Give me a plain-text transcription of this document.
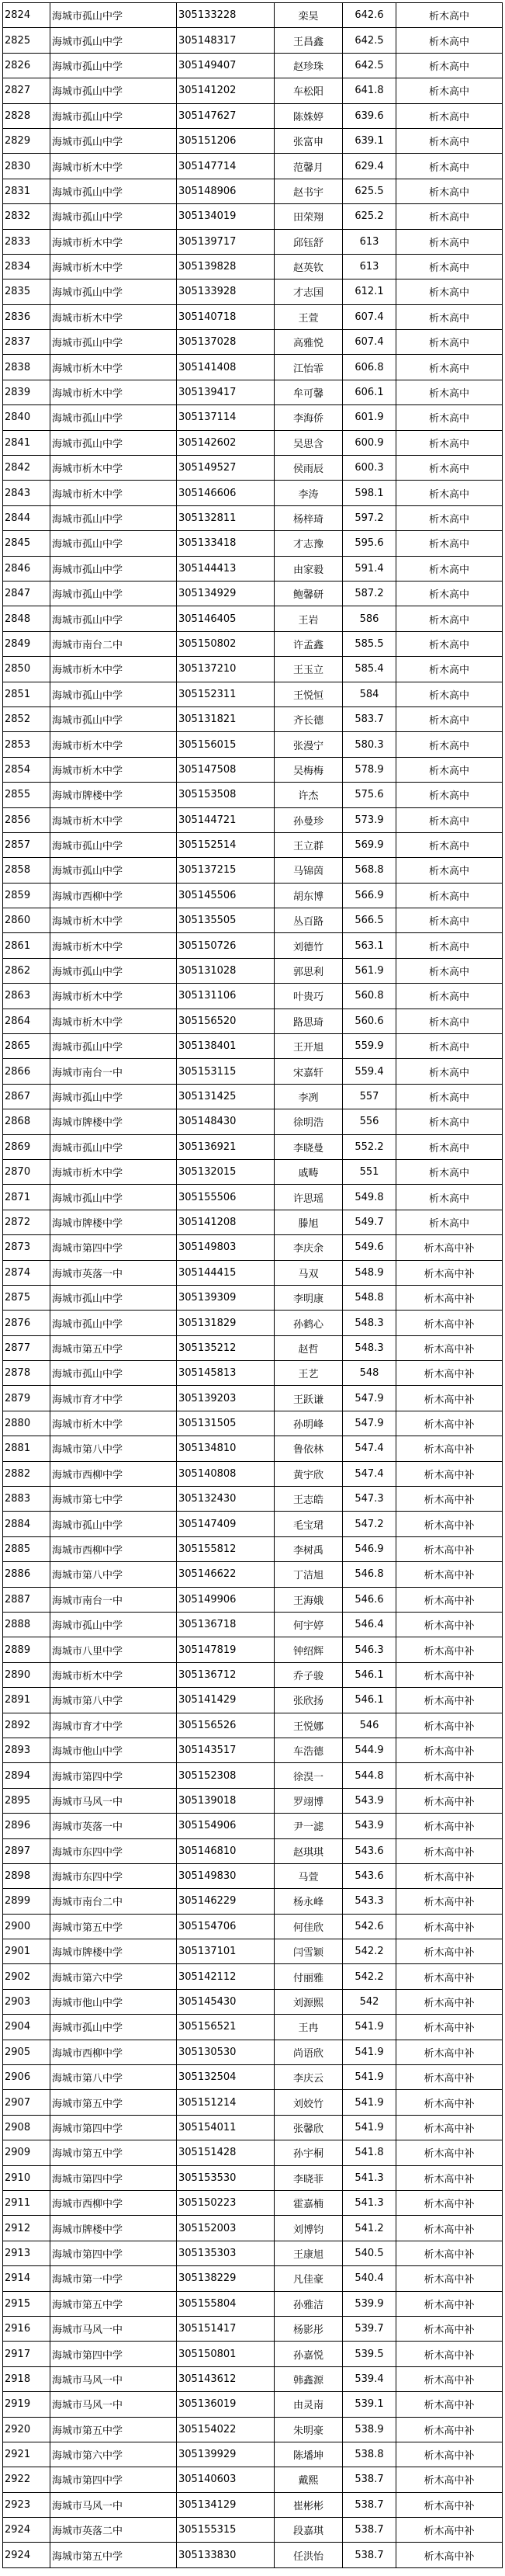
2824	海城市孤山中学	305133228	栾昊	642.6	析木高中
2825	海城市孤山中学	305148317	王昌鑫	642.5	析木高中
2826	海城市孤山中学	305149407	赵珍珠	642.5	析木高中
2827	海城市孤山中学	305141202	车松阳	641.8	析木高中
2828	海城市孤山中学	305147627	陈姝婷	639.6	析木高中
2829	海城市孤山中学	305151206	张富申	639.1	析木高中
2830	海城市析木中学	305147714	范馨月	629.4	析木高中
2831	海城市孤山中学	305148906	赵书宇	625.5	析木高中
2832	海城市孤山中学	305134019	田荣翔	625.2	析木高中
2833	海城市析木中学	305139717	邱钰舒	613	析木高中
2834	海城市析木中学	305139828	赵英钦	613	析木高中
2835	海城市孤山中学	305133928	才志国	612.1	析木高中
2836	海城市析木中学	305140718	王萱	607.4	析木高中
2837	海城市孤山中学	305137028	高雅悦	607.4	析木高中
2838	海城市析木中学	305141408	江怡霏	606.8	析木高中
2839	海城市析木中学	305139417	牟可馨	606.1	析木高中
2840	海城市孤山中学	305137114	李海侨	601.9	析木高中
2841	海城市孤山中学	305142602	吴思含	600.9	析木高中
2842	海城市析木中学	305149527	侯雨辰	600.3	析木高中
2843	海城市析木中学	305146606	李涛	598.1	析木高中
2844	海城市孤山中学	305132811	杨梓琦	597.2	析木高中
2845	海城市孤山中学	305133418	才志豫	595.6	析木高中
2846	海城市孤山中学	305144413	由家毅	591.4	析木高中
2847	海城市孤山中学	305134929	鲍馨研	587.2	析木高中
2848	海城市孤山中学	305146405	王岩	586	析木高中
2849	海城市南台二中	305150802	许孟鑫	585.5	析木高中
2850	海城市析木中学	305137210	王玉立	585.4	析木高中
2851	海城市孤山中学	305152311	王悦恒	584	析木高中
2852	海城市孤山中学	305131821	齐长德	583.7	析木高中
2853	海城市析木中学	305156015	张漫宁	580.3	析木高中
2854	海城市析木中学	305147508	吴梅梅	578.9	析木高中
2855	海城市牌楼中学	305153508	许杰	575.6	析木高中
2856	海城市析木中学	305144721	孙曼珍	573.9	析木高中
2857	海城市孤山中学	305152514	王立群	569.9	析木高中
2858	海城市孤山中学	305137215	马锦茵	568.8	析木高中
2859	海城市西柳中学	305145506	胡东博	566.9	析木高中
2860	海城市析木中学	305135505	丛百路	566.5	析木高中
2861	海城市析木中学	305150726	刘德竹	563.1	析木高中
2862	海城市孤山中学	305131028	郭思利	561.9	析木高中
2863	海城市析木中学	305131106	叶贵巧	560.8	析木高中
2864	海城市析木中学	305156520	路思琦	560.6	析木高中
2865	海城市孤山中学	305138401	王开旭	559.9	析木高中
2866	海城市南台一中	305153115	宋嘉轩	559.4	析木高中
2867	海城市孤山中学	305131425	李冽	557	析木高中
2868	海城市牌楼中学	305148430	徐明浩	556	析木高中
2869	海城市孤山中学	305136921	李晓曼	552.2	析木高中
2870	海城市析木中学	305132015	戚畴	551	析木高中
2871	海城市孤山中学	305155506	许思瑶	549.8	析木高中
2872	海城市牌楼中学	305141208	滕旭	549.7	析木高中
2873	海城市第四中学	305149803	李庆余	549.6	析木高中补
2874	海城市英落一中	305144415	马双	548.9	析木高中补
2875	海城市孤山中学	305139309	李明康	548.8	析木高中补
2876	海城市孤山中学	305131829	孙鹤心	548.3	析木高中补
2877	海城市第五中学	305135212	赵哲	548.3	析木高中补
2878	海城市孤山中学	305145813	王艺	548	析木高中补
2879	海城市育才中学	305139203	王跃谦	547.9	析木高中补
2880	海城市析木中学	305131505	孙明峰	547.9	析木高中补
2881	海城市第八中学	305134810	鲁依林	547.4	析木高中补
2882	海城市西柳中学	305140808	黄宇欣	547.4	析木高中补
2883	海城市第七中学	305132430	王志皓	547.3	析木高中补
2884	海城市孤山中学	305147409	毛宝珺	547.2	析木高中补
2885	海城市西柳中学	305155812	李树禹	546.9	析木高中补
2886	海城市第八中学	305146622	丁洁旭	546.8	析木高中补
2887	海城市南台一中	305149906	王海娥	546.6	析木高中补
2888	海城市孤山中学	305136718	何宇婷	546.4	析木高中补
2889	海城市八里中学	305147819	钟绍辉	546.3	析木高中补
2890	海城市析木中学	305136712	乔子骏	546.1	析木高中补
2891	海城市第八中学	305141429	张欣扬	546.1	析木高中补
2892	海城市育才中学	305156526	王悦娜	546	析木高中补
2893	海城市他山中学	305143517	车浩德	544.9	析木高中补
2894	海城市第四中学	305152308	徐淏一	544.8	析木高中补
2895	海城市马风一中	305139018	罗翊博	543.9	析木高中补
2896	海城市英落一中	305154906	尹一滤	543.9	析木高中补
2897	海城市东四中学	305146810	赵琪琪	543.6	析木高中补
2898	海城市东四中学	305149830	马萱	543.6	析木高中补
2899	海城市南台二中	305146229	杨永峰	543.3	析木高中补
2900	海城市第五中学	305154706	何佳欣	542.6	析木高中补
2901	海城市牌楼中学	305137101	闫雪颖	542.2	析木高中补
2902	海城市第六中学	305142112	付丽雅	542.2	析木高中补
2903	海城市他山中学	305145430	刘源熙	542	析木高中补
2904	海城市孤山中学	305156521	王冉	541.9	析木高中补
2905	海城市西柳中学	305130530	尚语欣	541.9	析木高中补
2906	海城市第八中学	305132504	李庆云	541.9	析木高中补
2907	海城市第五中学	305151214	刘姣竹	541.9	析木高中补
2908	海城市第四中学	305154011	张馨欣	541.9	析木高中补
2909	海城市第五中学	305151428	孙宇桐	541.8	析木高中补
2910	海城市第四中学	305153530	李晓菲	541.3	析木高中补
2911	海城市西柳中学	305150223	霍嘉楠	541.3	析木高中补
2912	海城市牌楼中学	305152003	刘博钧	541.2	析木高中补
2913	海城市第四中学	305135303	王康旭	540.5	析木高中补
2914	海城市第一中学	305138229	凡佳豪	540.4	析木高中补
2915	海城市第五中学	305155804	孙雅洁	539.9	析木高中补
2916	海城市马风一中	305151417	杨影彤	539.7	析木高中补
2917	海城市第四中学	305150801	孙嘉悦	539.5	析木高中补
2918	海城市马风一中	305143612	韩鑫源	539.4	析木高中补
2919	海城市马风一中	305136019	由灵南	539.1	析木高中补
2920	海城市第五中学	305154022	朱明豪	538.9	析木高中补
2921	海城市第六中学	305139929	陈墦坤	538.8	析木高中补
2922	海城市第四中学	305140603	戴熙	538.7	析木高中补
2923	海城市马风一中	305134129	崔彬彬	538.7	析木高中补
2924	海城市英落二中	305155315	段嘉琪	538.7	析木高中补
2924	海城市第五中学	305133830	任洪怡	538.7	析木高中补
